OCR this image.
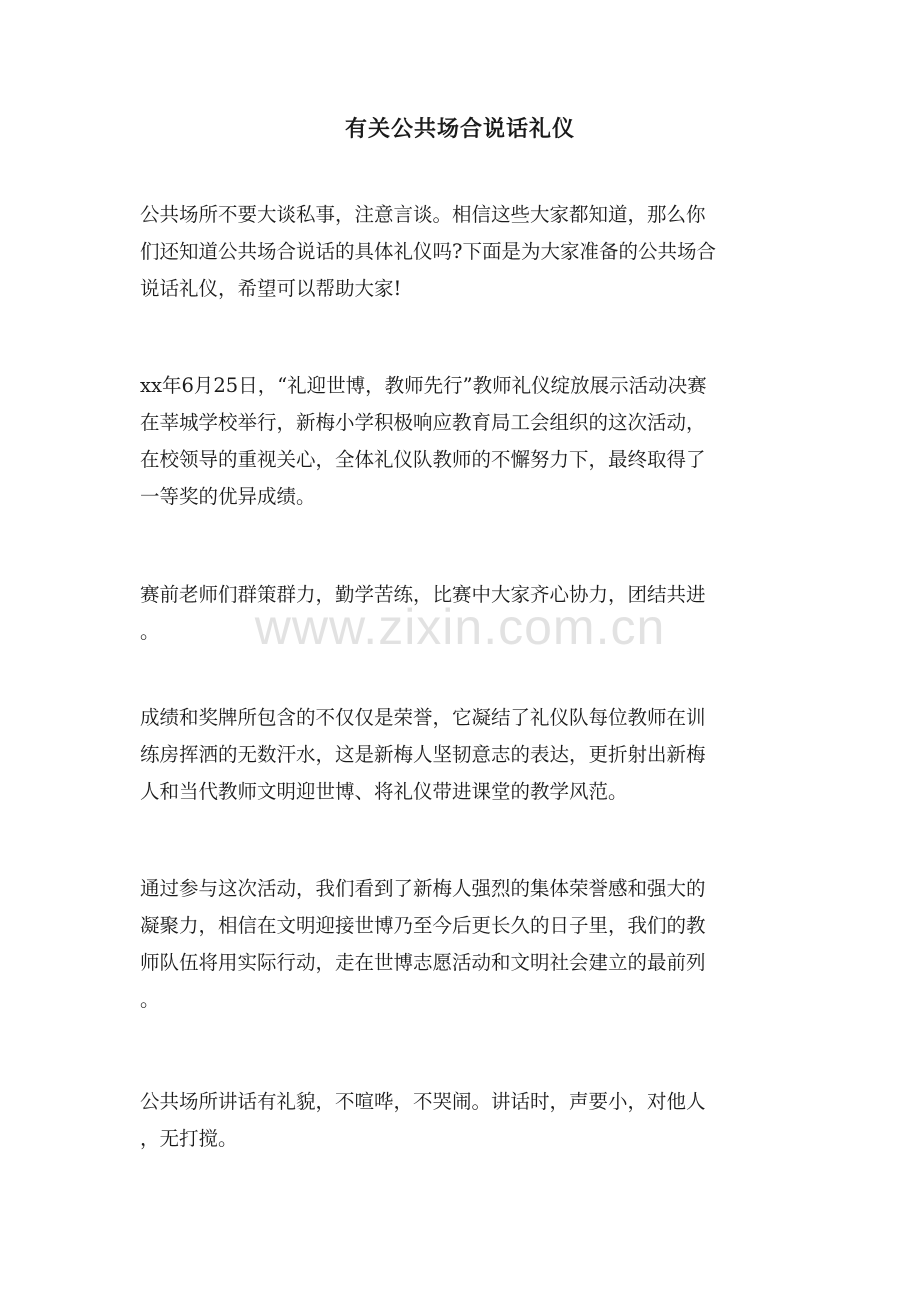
有关公共场合说话礼仪
公共场所不要大谈私事，注意言谈。相信这些大家都知道，那么你
们还知道公共场合说话的具体礼仪吗?下面是为大家准备的公共场合
说话礼仪，希望可以帮助大家!
xx年6月25日，“礼迎世博，教师先行”教师礼仪绽放展示活动决赛
在莘城学校举行，新梅小学积极响应教育局工会组织的这次活动，
在校领导的重视关心，全体礼仪队教师的不懈努力下，最终取得了
一等奖的优异成绩。
赛前老师们群策群力，勤学苦练，比赛中大家齐心协力，团结共进
。
成绩和奖牌所包含的不仅仅是荣誉，它凝结了礼仪队每位教师在训
练房挥洒的无数汗水，这是新梅人坚韧意志的表达，更折射出新梅
人和当代教师文明迎世博、将礼仪带进课堂的教学风范。
通过参与这次活动，我们看到了新梅人强烈的集体荣誉感和强大的
凝聚力，相信在文明迎接世博乃至今后更长久的日子里，我们的教
师队伍将用实际行动，走在世博志愿活动和文明社会建立的最前列
。
公共场所讲话有礼貌，不喧哗，不哭闹。讲话时，声要小，对他人
，无打搅。
www.zixin.com.cn
